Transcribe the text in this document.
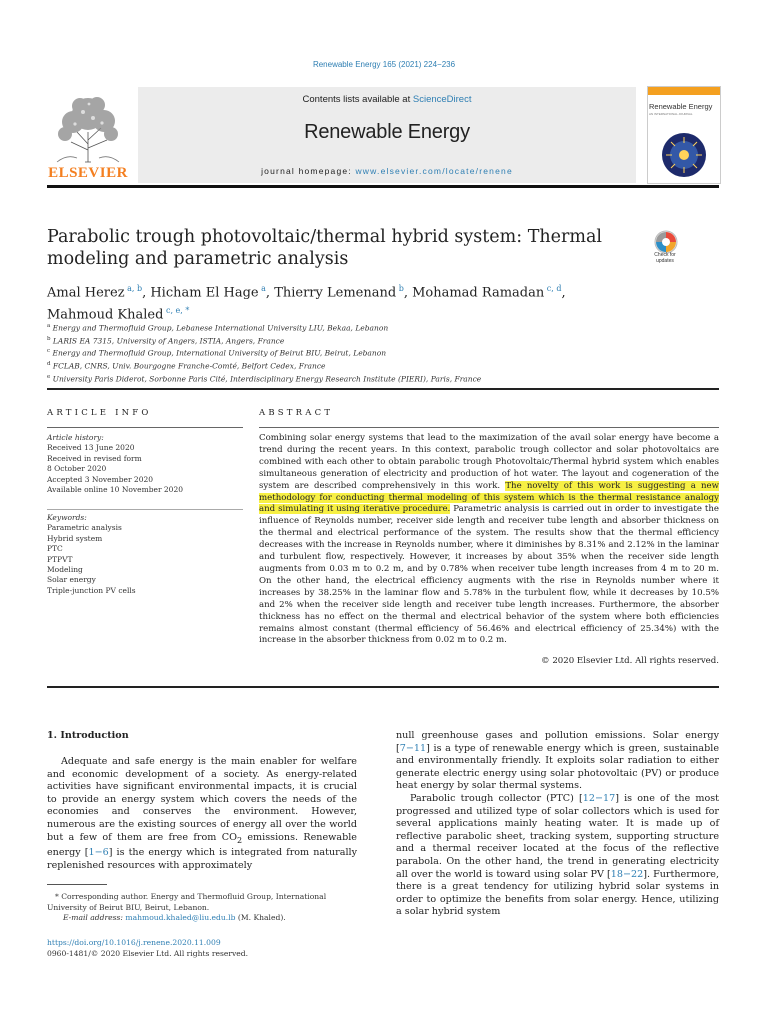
Renewable Energy 165 (2021) 224−236
ELSEVIER
Contents lists available at ScienceDirect
Renewable Energy
journal homepage: www.elsevier.com/locate/renene
Renewable Energy
AN INTERNATIONAL JOURNAL
Parabolic trough photovoltaic/thermal hybrid system: Thermal modeling and parametric analysis	Check for
updates
Amal Herez $^{a, b}$, Hicham El Hage $^a$, Thierry Lemenand $^b$, Mohamad Ramadan $^{c, d}$,
Mahmoud Khaled $^{c, e, *}$
$^a$ Energy and Thermofluid Group, Lebanese International University LIU, Bekaa, Lebanon
$^b$ LARIS EA 7315, University of Angers, ISTIA, Angers, France
$^c$ Energy and Thermofluid Group, International University of Beirut BIU, Beirut, Lebanon
$^d$ FCLAB, CNRS, Univ. Bourgogne Franche-Comté, Belfort Cedex, France
$^e$ University Paris Diderot, Sorbonne Paris Cité, Interdisciplinary Energy Research Institute (PIERI), Paris, France
ARTICLE INFO
Article history:
Received 13 June 2020
Received in revised form
8 October 2020
Accepted 3 November 2020
Available online 10 November 2020
Keywords:
Parametric analysis
Hybrid system
PTC
PTPVT
Modeling
Solar energy
Triple-junction PV cells
ABSTRACT
Combining solar energy systems that lead to the maximization of the avail solar energy have become a trend during the recent years. In this context, parabolic trough collector and solar photovoltaics are combined with each other to obtain parabolic trough Photovoltaic/Thermal hybrid system which enables simultaneous generation of electricity and production of hot water. The layout and cogeneration of the system are described comprehensively in this work. The novelty of this work is suggesting a new methodology for conducting thermal modeling of this system which is the thermal resistance analogy and simulating it using iterative procedure. Parametric analysis is carried out in order to investigate the influence of Reynolds number, receiver side length and receiver tube length and absorber thickness on the thermal and electrical performance of the system. The results show that the thermal efficiency decreases with the increase in Reynolds number, where it diminishes by 8.31% and 2.12% in the laminar and turbulent flow, respectively. However, it increases by about 35% when the receiver side length augments from 0.03 m to 0.2 m, and by 0.78% when receiver tube length increases from 4 m to 20 m. On the other hand, the electrical efficiency augments with the rise in Reynolds number where it increases by 38.25% in the laminar flow and 5.78% in the turbulent flow, while it decreases by 10.5% and 2% when the receiver side length and receiver tube length increases. Furthermore, the absorber thickness has no effect on the thermal and electrical behavior of the system where both efficiencies remains almost constant (thermal efficiency of 56.46% and electrical efficiency of 25.34%) with the increase in the absorber thickness from 0.02 m to 0.2 m.
© 2020 Elsevier Ltd. All rights reserved.
1. Introduction

Adequate and safe energy is the main enabler for welfare and economic development of a society. As energy-related activities have significant environmental impacts, it is crucial to provide an energy system which covers the needs of the economies and conserves the environment. However, numerous are the existing sources of energy all over the world but a few of them are free from $CO_2$ emissions. Renewable energy [1−6] is the energy which is integrated from naturally replenished resources with approximately

null greenhouse gases and pollution emissions. Solar energy [7−11] is a type of renewable energy which is green, sustainable and environmentally friendly. It exploits solar radiation to either generate electric energy using solar photovoltaic (PV) or produce heat energy by solar thermal systems.

Parabolic trough collector (PTC) [12−17] is one of the most progressed and utilized type of solar collectors which is used for several applications mainly heating water. It is made up of reflective parabolic sheet, tracking system, supporting structure and a thermal receiver located at the focus of the reflective parabola. On the other hand, the trend in generating electricity all over the world is toward using solar PV [18−22]. Furthermore, there is a great tendency for utilizing hybrid solar systems in order to optimize the benefits from solar energy. Hence, utilizing a solar hybrid system

* Corresponding author. Energy and Thermofluid Group, International University of Beirut BIU, Beirut, Lebanon.
E-mail address: mahmoud.khaled@liu.edu.lb (M. Khaled).
https://doi.org/10.1016/j.renene.2020.11.009
0960-1481/© 2020 Elsevier Ltd. All rights reserved.
